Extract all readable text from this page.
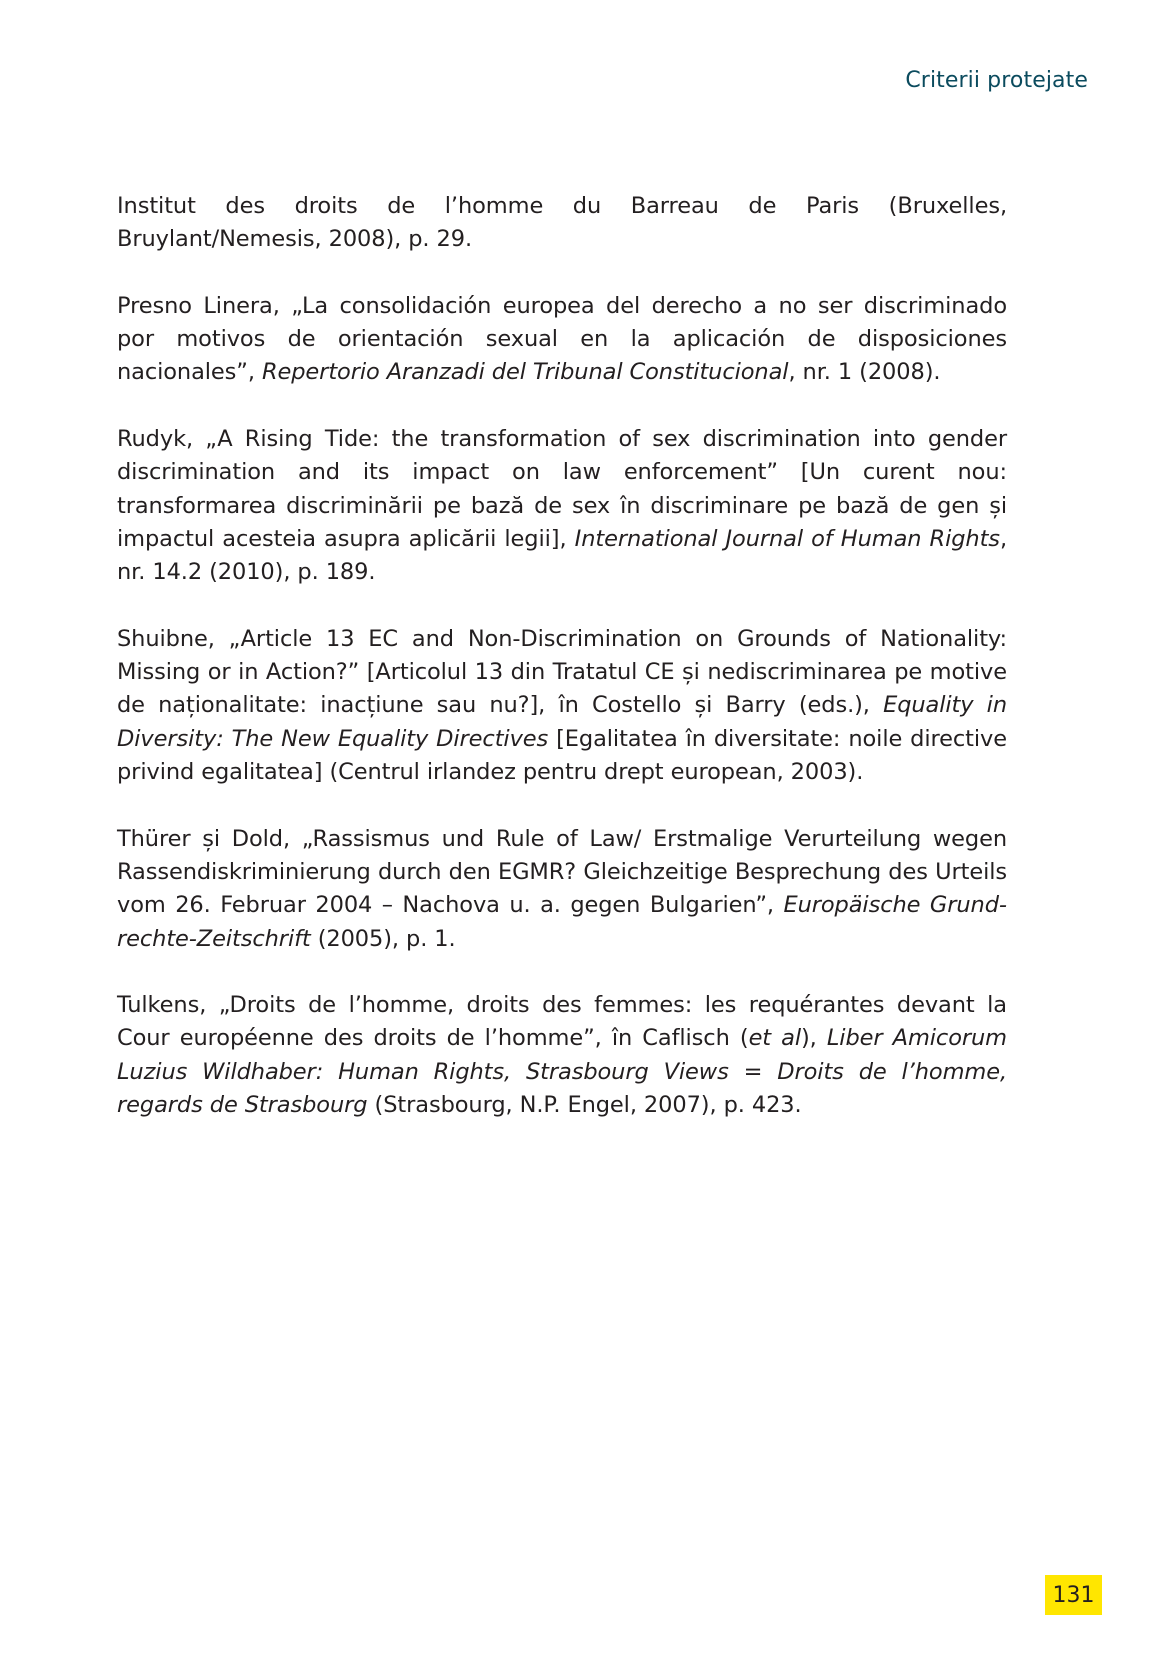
Criterii protejate

Institut des droits de l’homme du Barreau de Paris (Bruxelles, Bruylant/Nemesis, 2008), p. 29.

Presno Linera, „La consolidación europea del derecho a no ser discriminado por motivos de orientación sexual en la aplicación de disposiciones nacionales”, Repertorio Aranzadi del Tribunal Constitucional, nr. 1 (2008).

Rudyk, „A Rising Tide: the transformation of sex discrimination into gender discrimination and its impact on law enforcement” [Un curent nou: transformarea discriminării pe bază de sex în discriminare pe bază de gen și impactul acesteia asupra aplicării legii], International Journal of Human Rights, nr. 14.2 (2010), p. 189.

Shuibne, „Article 13 EC and Non-Discrimination on Grounds of Nationality: Missing or in Action?” [Articolul 13 din Tratatul CE și nediscriminarea pe motive de naționalitate: inacțiune sau nu?], în Costello și Barry (eds.), Equality in Diversity: The New Equality Directives [Egalitatea în diversitate: noile directive privind egalitatea] (Centrul irlandez pentru drept european, 2003).

Thürer și Dold, „Rassismus und Rule of Law/ Erstmalige Verurteilung wegen Rassendiskriminierung durch den EGMR? Gleichzeitige Besprechung des Urteils vom 26. Februar 2004 – Nachova u. a. gegen Bulgarien”, Europäische Grundrechte-Zeitschrift (2005), p. 1.

Tulkens, „Droits de l’homme, droits des femmes: les requérantes devant la Cour européenne des droits de l’homme”, în Caflisch (et al), Liber Amicorum Luzius Wildhaber: Human Rights, Strasbourg Views = Droits de l’homme, regards de Strasbourg (Strasbourg, N.P. Engel, 2007), p. 423.

131
